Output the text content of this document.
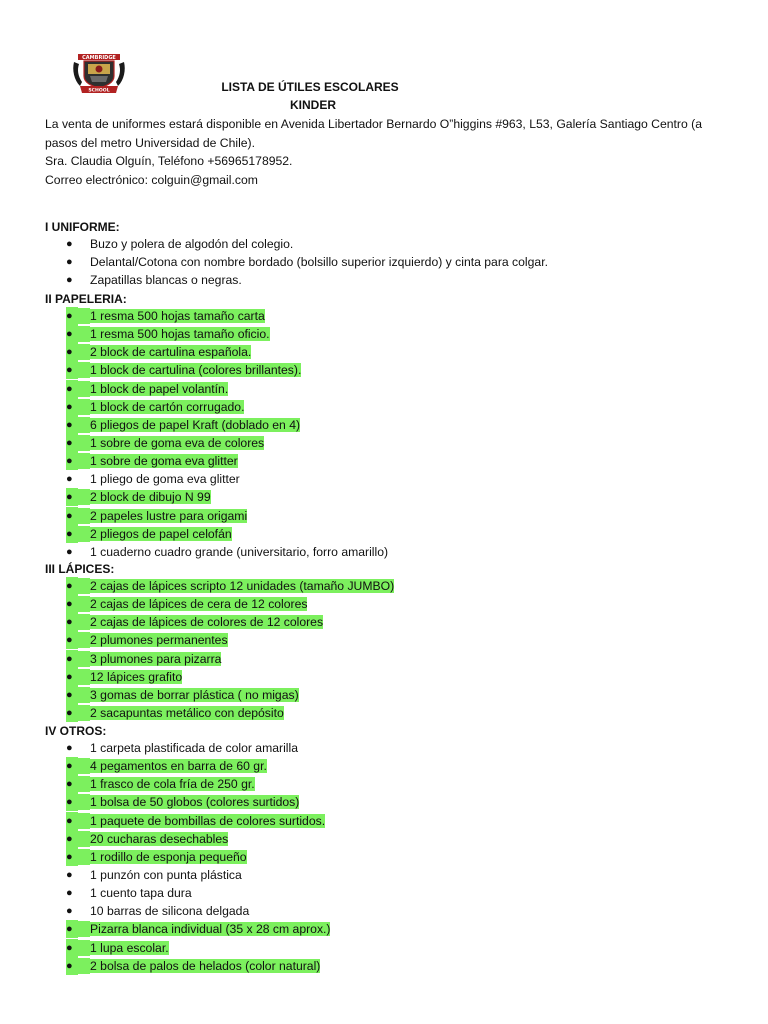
CAMBRIDGE
SCHOOL	LISTA DE ÚTILES ESCOLARES
KINDER

La venta de uniformes estará disponible en Avenida Libertador Bernardo O”higgins #963, L53, Galería Santiago Centro (a pasos del metro Universidad de Chile).

Sra. Claudia Olguín, Teléfono +56965178952.

Correo electrónico: colguin@gmail.com

I UNIFORME:
●	Buzo y polera de algodón del colegio.
●	Delantal/Cotona con nombre bordado (bolsillo superior izquierdo) y cinta para colgar.
●	Zapatillas blancas o negras.
II PAPELERIA:
●	1 resma 500 hojas tamaño carta
●	1 resma 500 hojas tamaño oficio.
●	2 block de cartulina española.
●	1 block de cartulina (colores brillantes).
●	1 block de papel volantín.
●	1 block de cartón corrugado.
●	6 pliegos de papel Kraft (doblado en 4)
●	1 sobre de goma eva de colores
●	1 sobre de goma eva glitter
●	1 pliego de goma eva glitter
●	2 block de dibujo N 99
●	2 papeles lustre para origami
●	2 pliegos de papel celofán
●	1 cuaderno cuadro grande (universitario, forro amarillo)
III LÁPICES:
●	2 cajas de lápices scripto 12 unidades (tamaño JUMBO)
●	2 cajas de lápices de cera de 12 colores
●	2 cajas de lápices de colores de 12 colores
●	2 plumones permanentes
●	3 plumones para pizarra
●	12 lápices grafito
●	3 gomas de borrar plástica ( no migas)
●	2 sacapuntas metálico con depósito
IV OTROS:
●	1 carpeta plastificada de color amarilla
●	4 pegamentos en barra de 60 gr.
●	1 frasco de cola fría de 250 gr.
●	1 bolsa de 50 globos (colores surtidos)
●	1 paquete de bombillas de colores surtidos.
●	20 cucharas desechables
●	1 rodillo de esponja pequeño
●	1 punzón con punta plástica
●	1 cuento tapa dura
●	10 barras de silicona delgada
●	Pizarra blanca individual (35 x 28 cm aprox.)
●	1 lupa escolar.
●	2 bolsa de palos de helados (color natural)
